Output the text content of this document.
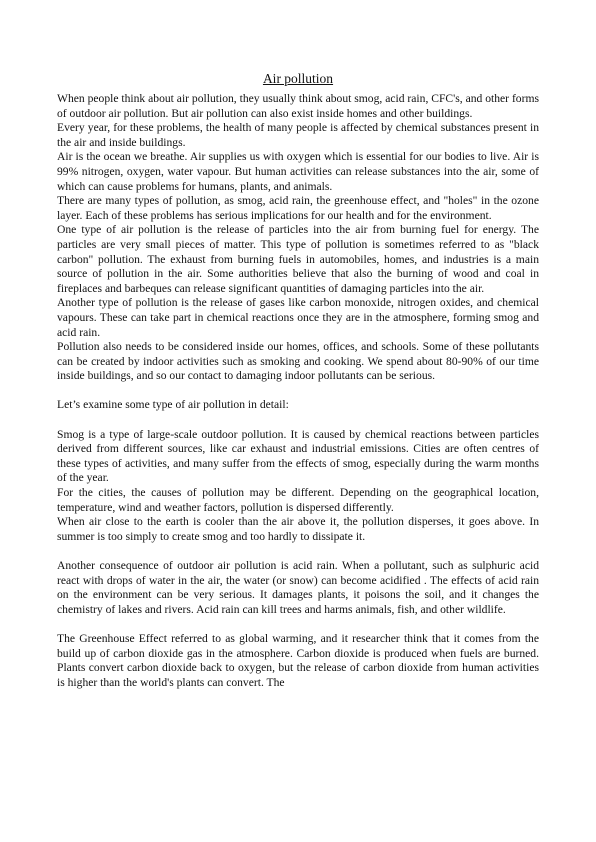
Air pollution

When people think about air pollution, they usually think about smog, acid rain, CFC's, and other forms of outdoor air pollution. But air pollution can also exist inside homes and other buildings.

Every year, for these problems, the health of many people is affected by chemical substances present in the air and inside buildings.

Air is the ocean we breathe. Air supplies us with oxygen which is essential for our bodies to live. Air is 99% nitrogen, oxygen, water vapour. But human activities can release substances into the air, some of which can cause problems for humans, plants, and animals.

There are many types of pollution, as smog, acid rain, the greenhouse effect, and "holes" in the ozone layer. Each of these problems has serious implications for our health and for the environment.

One type of air pollution is the release of particles into the air from burning fuel for energy. The particles are very small pieces of matter. This type of pollution is sometimes referred to as "black carbon" pollution. The exhaust from burning fuels in automobiles, homes, and industries is a main source of pollution in the air. Some authorities believe that also the burning of wood and coal in fireplaces and barbeques can release significant quantities of damaging particles into the air.

Another type of pollution is the release of gases like carbon monoxide, nitrogen oxides, and chemical vapours. These can take part in chemical reactions once they are in the atmosphere, forming smog and acid rain.

Pollution also needs to be considered inside our homes, offices, and schools. Some of these pollutants can be created by indoor activities such as smoking and cooking. We spend about 80-90% of our time inside buildings, and so our contact to damaging indoor pollutants can be serious.

Let’s examine some type of air pollution in detail:

Smog is a type of large-scale outdoor pollution. It is caused by chemical reactions between particles derived from different sources, like car exhaust and industrial emissions. Cities are often centres of these types of activities, and many suffer from the effects of smog, especially during the warm months of the year.

For the cities, the causes of pollution may be different. Depending on the geographical location, temperature, wind and weather factors, pollution is dispersed differently.

When air close to the earth is cooler than the air above it, the pollution disperses, it goes above. In summer is too simply to create smog and too hardly to dissipate it.

Another consequence of outdoor air pollution is acid rain. When a pollutant, such as sulphuric acid react with drops of water in the air, the water (or snow) can become acidified . The effects of acid rain on the environment can be very serious. It damages plants, it poisons the soil, and it changes the chemistry of lakes and rivers. Acid rain can kill trees and harms animals, fish, and other wildlife.

The Greenhouse Effect referred to as global warming, and it researcher think that it comes from the build up of carbon dioxide gas in the atmosphere. Carbon dioxide is produced when fuels are burned. Plants convert carbon dioxide back to oxygen, but the release of carbon dioxide from human activities is higher than the world's plants can convert. The
